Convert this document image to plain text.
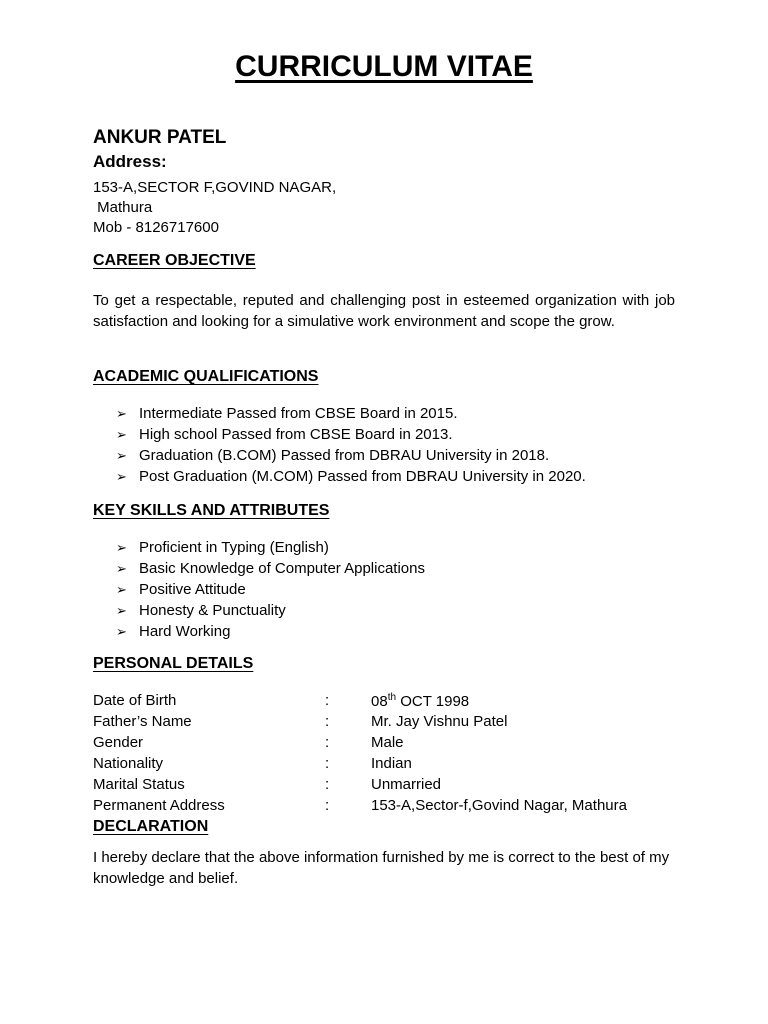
CURRICULUM VITAE
ANKUR PATEL
Address:
153-A,SECTOR F,GOVIND NAGAR,
Mathura
Mob - 8126717600
CAREER OBJECTIVE
To get a respectable, reputed and challenging post in esteemed organization with job satisfaction and looking for a simulative work environment and scope the grow.
ACADEMIC QUALIFICATIONS
➢ Intermediate Passed from CBSE Board in 2015.
➢ High school Passed from CBSE Board in 2013.
➢ Graduation (B.COM) Passed from DBRAU University in 2018.
➢ Post Graduation (M.COM) Passed from DBRAU University in 2020.
KEY SKILLS AND ATTRIBUTES
➢ Proficient in Typing (English)
➢ Basic Knowledge of Computer Applications
➢ Positive Attitude
➢ Honesty & Punctuality
➢ Hard Working
PERSONAL DETAILS
Date of Birth	:	08th OCT 1998
Father’s Name	:	Mr. Jay Vishnu Patel
Gender	:	Male
Nationality	:	Indian
Marital Status	:	Unmarried
Permanent Address	:	153-A,Sector-f,Govind Nagar, Mathura
DECLARATION
I hereby declare that the above information furnished by me is correct to the best of my knowledge and belief.
